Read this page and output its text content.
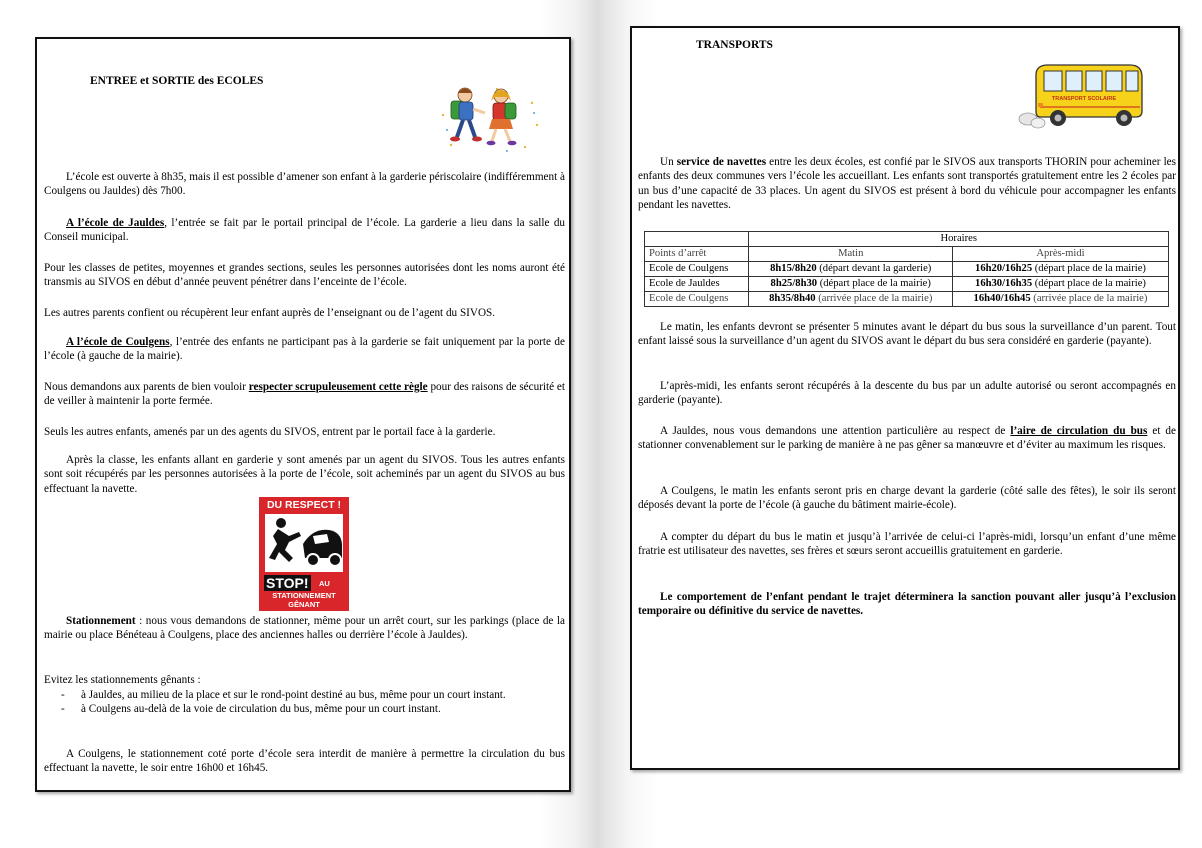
ENTREE et SORTIE des ECOLES

L’école est ouverte à 8h35, mais il est possible d’amener son enfant à la garderie périscolaire (indifféremment à Coulgens ou Jauldes) dès 7h00.

A l’école de Jauldes, l’entrée se fait par le portail principal de l’école. La garderie a lieu dans la salle du Conseil municipal.

Pour les classes de petites, moyennes et grandes sections, seules les personnes autorisées dont les noms auront été transmis au SIVOS en début d’année peuvent pénétrer dans l’enceinte de l’école.

Les autres parents confient ou récupèrent leur enfant auprès de l’enseignant ou de l’agent du SIVOS.

A l’école de Coulgens, l’entrée des enfants ne participant pas à la garderie se fait uniquement par la porte de l’école (à gauche de la mairie).

Nous demandons aux parents de bien vouloir respecter scrupuleusement cette règle pour des raisons de sécurité et de veiller à maintenir la porte fermée.

Seuls les autres enfants, amenés par un des agents du SIVOS, entrent par le portail face à la garderie.

Après la classe, les enfants allant en garderie y sont amenés par un agent du SIVOS. Tous les autres enfants sont soit récupérés par les personnes autorisées à la porte de l’école, soit acheminés par un agent du SIVOS au bus effectuant la navette.

DU RESPECT !
STOP! AU
STATIONNEMENT
GÊNANT

Stationnement : nous vous demandons de stationner, même pour un arrêt court, sur les parkings (place de la mairie ou place Bénéteau à Coulgens, place des anciennes halles ou derrière l’école à Jauldes).

Evitez les stationnements gênants :

- à Jauldes, au milieu de la place et sur le rond-point destiné au bus, même pour un court instant.
- à Coulgens au-delà de la voie de circulation du bus, même pour un court instant.

A Coulgens, le stationnement coté porte d’école sera interdit de manière à permettre la circulation du bus effectuant la navette, le soir entre 16h00 et 16h45.

TRANSPORTS
TRANSPORT SCOLAIRE

Un service de navettes entre les deux écoles, est confié par le SIVOS aux transports THORIN pour acheminer les enfants des deux communes vers l’école les accueillant. Les enfants sont transportés gratuitement entre les 2 écoles par un bus d’une capacité de 33 places. Un agent du SIVOS est présent à bord du véhicule pour accompagner les enfants pendant les navettes.

	Horaires	
Points d’arrêt	Matin	Après-midi
Ecole de Coulgens	8h15/8h20 (départ devant la garderie)	16h20/16h25 (départ place de la mairie)
Ecole de Jauldes	8h25/8h30 (départ place de la mairie)	16h30/16h35 (départ place de la mairie)
Ecole de Coulgens	8h35/8h40 (arrivée place de la mairie)	16h40/16h45 (arrivée place de la mairie)

Le matin, les enfants devront se présenter 5 minutes avant le départ du bus sous la surveillance d’un parent. Tout enfant laissé sous la surveillance d’un agent du SIVOS avant le départ du bus sera considéré en garderie (payante).

L’après-midi, les enfants seront récupérés à la descente du bus par un adulte autorisé ou seront accompagnés en garderie (payante).

A Jauldes, nous vous demandons une attention particulière au respect de l’aire de circulation du bus et de stationner convenablement sur le parking de manière à ne pas gêner sa manœuvre et d’éviter au maximum les risques.

A Coulgens, le matin les enfants seront pris en charge devant la garderie (côté salle des fêtes), le soir ils seront déposés devant la porte de l’école (à gauche du bâtiment mairie-école).

A compter du départ du bus le matin et jusqu’à l’arrivée de celui-ci l’après-midi, lorsqu’un enfant d’une même fratrie est utilisateur des navettes, ses frères et sœurs seront accueillis gratuitement en garderie.

Le comportement de l’enfant pendant le trajet déterminera la sanction pouvant aller jusqu’à l’exclusion temporaire ou définitive du service de navettes.
